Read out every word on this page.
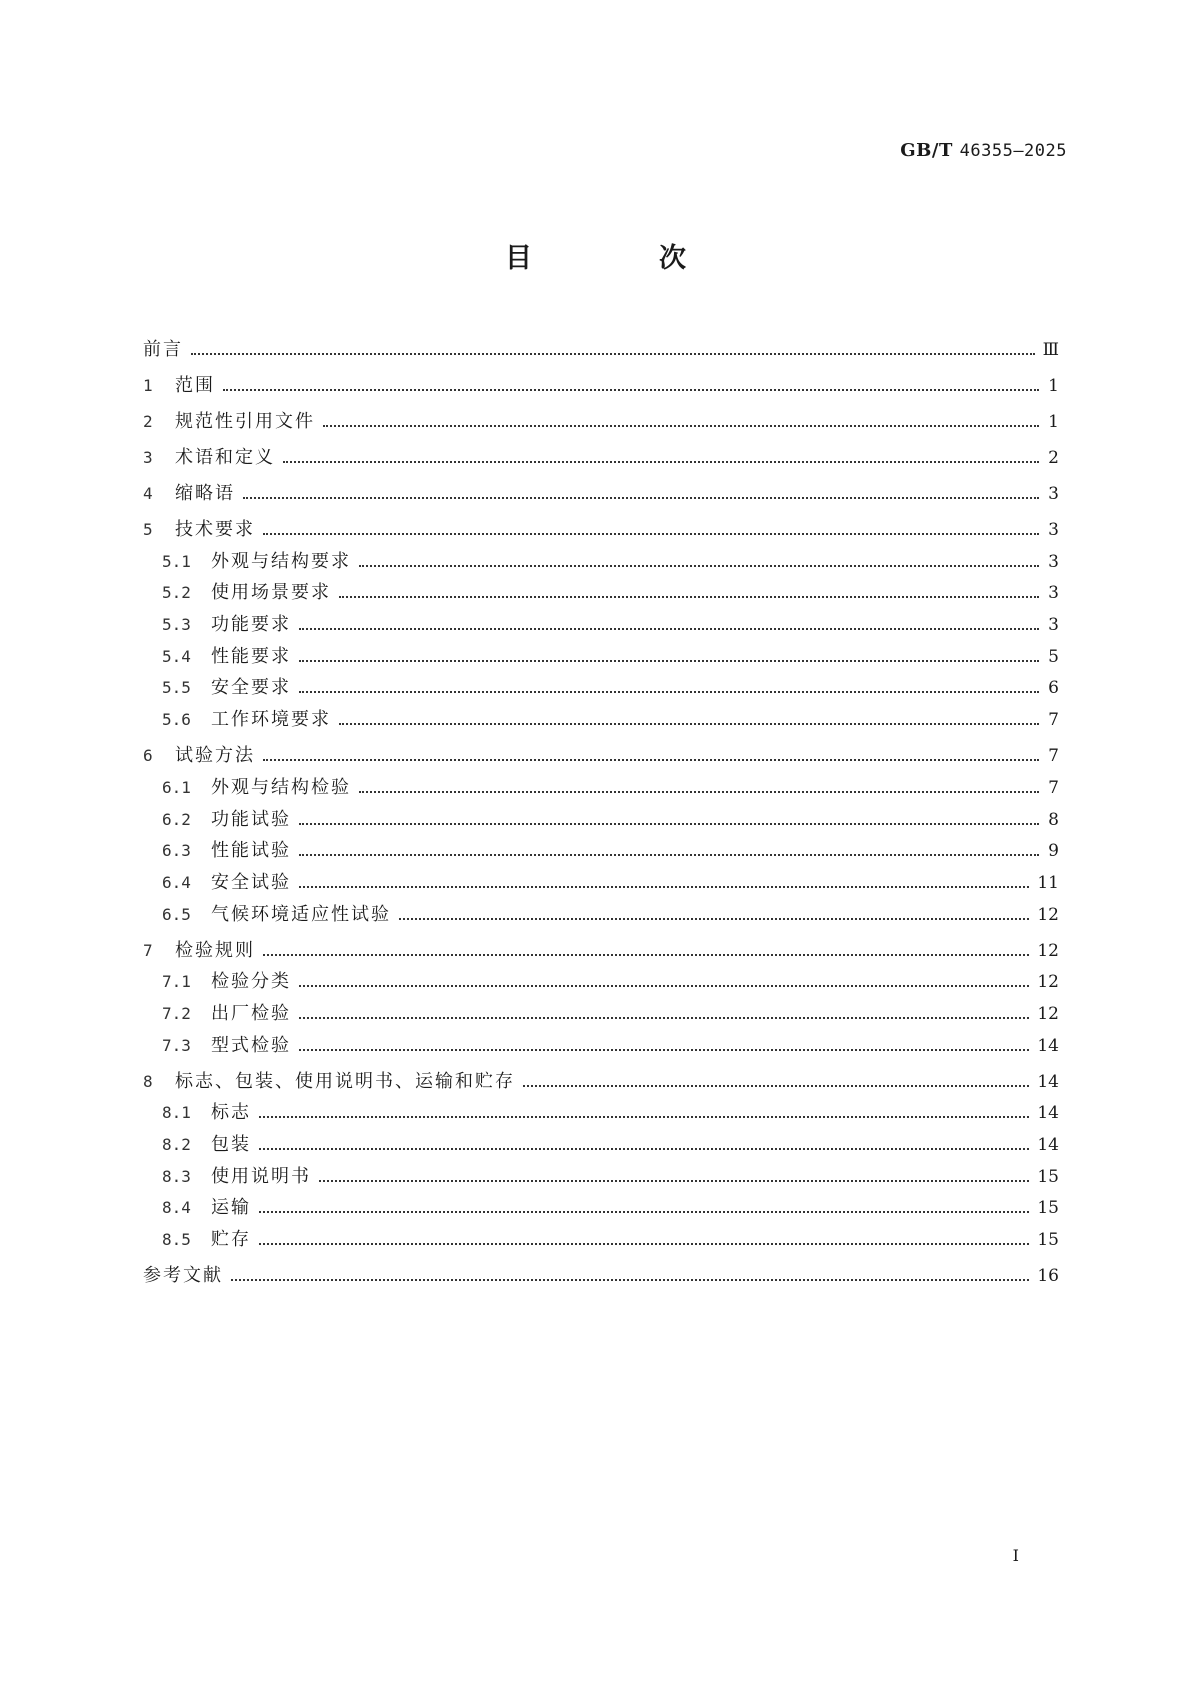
GB/T 46355—2025
目　次
前言	Ⅲ
1	范围	1
2	规范性引用文件	1
3	术语和定义	2
4	缩略语	3
5	技术要求	3
5.1	外观与结构要求	3
5.2	使用场景要求	3
5.3	功能要求	3
5.4	性能要求	5
5.5	安全要求	6
5.6	工作环境要求	7
6	试验方法	7
6.1	外观与结构检验	7
6.2	功能试验	8
6.3	性能试验	9
6.4	安全试验	11
6.5	气候环境适应性试验	12
7	检验规则	12
7.1	检验分类	12
7.2	出厂检验	12
7.3	型式检验	14
8	标志、包装、使用说明书、运输和贮存	14
8.1	标志	14
8.2	包装	14
8.3	使用说明书	15
8.4	运输	15
8.5	贮存	15
参考文献	16
I
